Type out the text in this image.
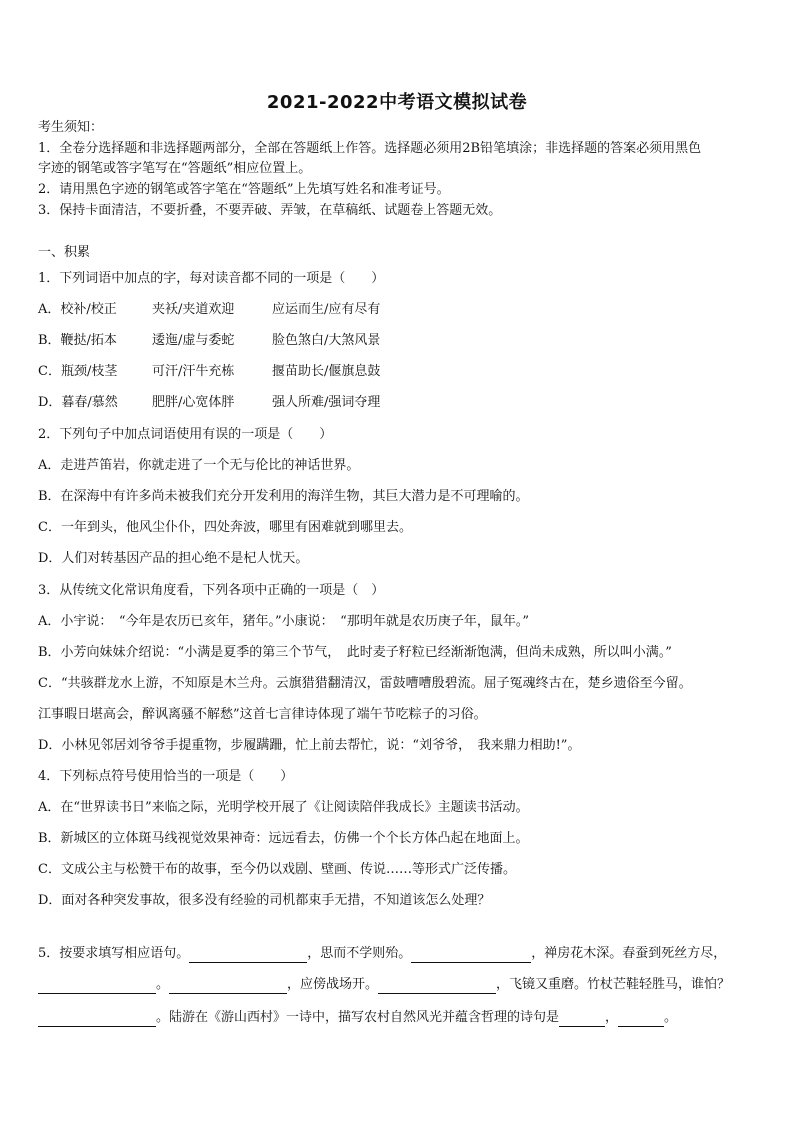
2021-2022中考语文模拟试卷
考生须知：
1．全卷分选择题和非选择题两部分，全部在答题纸上作答。选择题必须用2B铅笔填涂；非选择题的答案必须用黑色
字迹的钢笔或答字笔写在“答题纸”相应位置上。
2．请用黑色字迹的钢笔或答字笔在“答题纸”上先填写姓名和准考证号。
3．保持卡面清洁，不要折叠，不要弄破、弄皱，在草稿纸、试题卷上答题无效。
一、积累
1．下列词语中加点的字，每对读音都不同的一项是（　　）
A．校补/校正	夹袄/夹道欢迎	应运而生/应有尽有
B．鞭挞/拓本	逶迤/虚与委蛇	脸色煞白/大煞风景
C．瓶颈/枝茎	可汗/汗牛充栋	揠苗助长/偃旗息鼓
D．暮春/慕然	肥胖/心宽体胖	强人所难/强词夺理
2．下列句子中加点词语使用有误的一项是（　　）
A．走进芦笛岩，你就走进了一个无与伦比的神话世界。
B．在深海中有许多尚未被我们充分开发利用的海洋生物，其巨大潜力是不可理喻的。
C．一年到头，他风尘仆仆，四处奔波，哪里有困难就到哪里去。
D．人们对转基因产品的担心绝不是杞人忧天。
3．从传统文化常识角度看，下列各项中正确的一项是（　）
A．小宇说：　“今年是农历已亥年，猪年。”小康说：　“那明年就是农历庚子年，鼠年。”
B．小芳向妹妹介绍说：“小满是夏季的第三个节气，　此时麦子籽粒已经渐渐饱满，但尚未成熟，所以叫小满。”
C．“共骇群龙水上游，不知原是木兰舟。云旗猎猎翻清汉，雷鼓嘈嘈殷碧流。屈子冤魂终古在，楚乡遗俗至今留。
江事暇日堪高会，醉讽离骚不解愁”这首七言律诗体现了端午节吃粽子的习俗。
D．小林见邻居刘爷爷手提重物，步履蹒跚，忙上前去帮忙，说：“刘爷爷，　我来鼎力相助!”。
4．下列标点符号使用恰当的一项是（　　）
A．在“世界读书日”来临之际，光明学校开展了《让阅读陪伴我成长》主题读书活动。
B．新城区的立体斑马线视觉效果神奇：远远看去，仿佛一个个长方体凸起在地面上。
C．文成公主与松赞干布的故事，至今仍以戏剧、壁画、传说……等形式广泛传播。
D．面对各种突发事故，很多没有经验的司机都束手无措，不知道该怎么处理？
5．按要求填写相应语句。	，思而不学则殆。	，禅房花木深。春蚕到死丝方尽，
。	，应傍战场开。	，飞镜又重磨。竹杖芒鞋轻胜马，谁怕？
。陆游在《游山西村》一诗中，描写农村自然风光并蕴含哲理的诗句是	，	。
